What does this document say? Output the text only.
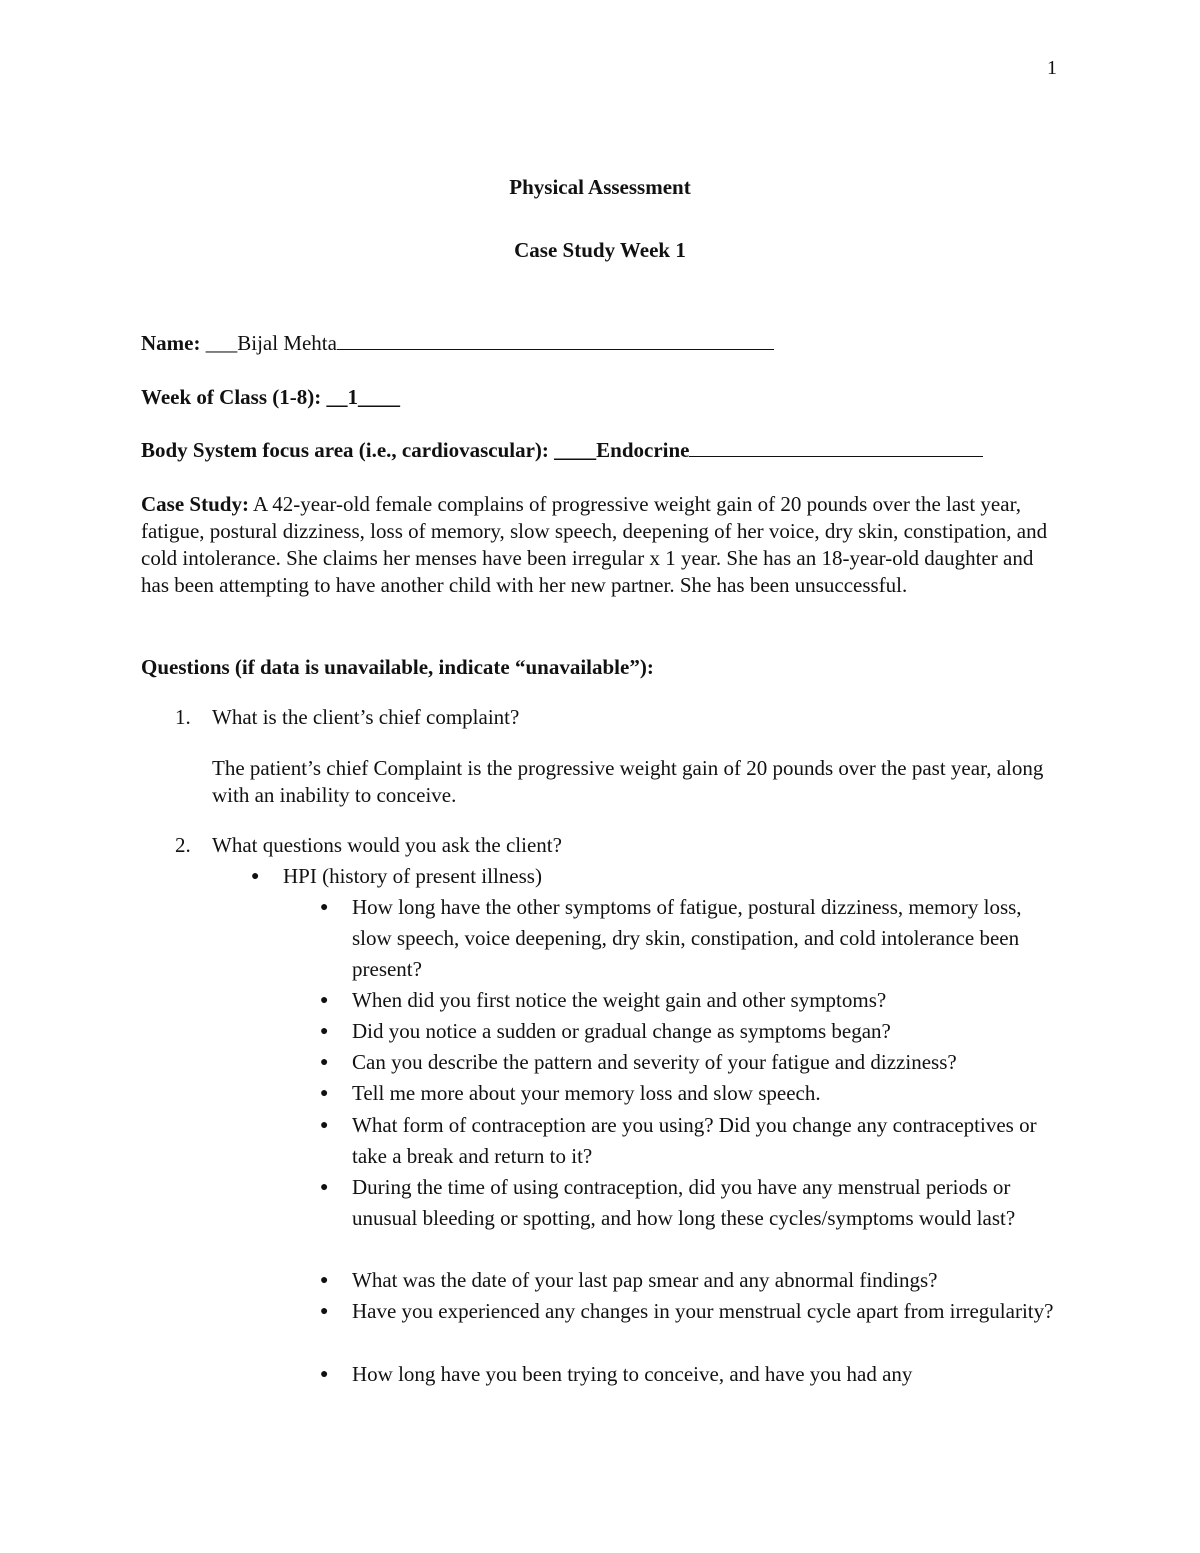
1
Physical Assessment
Case Study Week 1
Name: ___Bijal Mehta
Week of Class (1-8): __1____
Body System focus area (i.e., cardiovascular): ____Endocrine
Case Study: A 42-year-old female complains of progressive weight gain of 20 pounds over the last year, fatigue, postural dizziness, loss of memory, slow speech, deepening of her voice, dry skin, constipation, and cold intolerance. She claims her menses have been irregular x 1 year. She has an 18-year-old daughter and has been attempting to have another child with her new partner. She has been unsuccessful.
Questions (if data is unavailable, indicate “unavailable”):
1.	What is the client’s chief complaint?
The patient’s chief Complaint is the progressive weight gain of 20 pounds over the past year, along with an inability to conceive.
2.	What questions would you ask the client?
● HPI (history of present illness)
● How long have the other symptoms of fatigue, postural dizziness, memory loss, slow speech, voice deepening, dry skin, constipation, and cold intolerance been present?
● When did you first notice the weight gain and other symptoms?
● Did you notice a sudden or gradual change as symptoms began?
● Can you describe the pattern and severity of your fatigue and dizziness?
● Tell me more about your memory loss and slow speech.
● What form of contraception are you using? Did you change any contraceptives or take a break and return to it?
● During the time of using contraception, did you have any menstrual periods or unusual bleeding or spotting, and how long these cycles/symptoms would last?
● What was the date of your last pap smear and any abnormal findings?
● Have you experienced any changes in your menstrual cycle apart from irregularity?
● How long have you been trying to conceive, and have you had any
